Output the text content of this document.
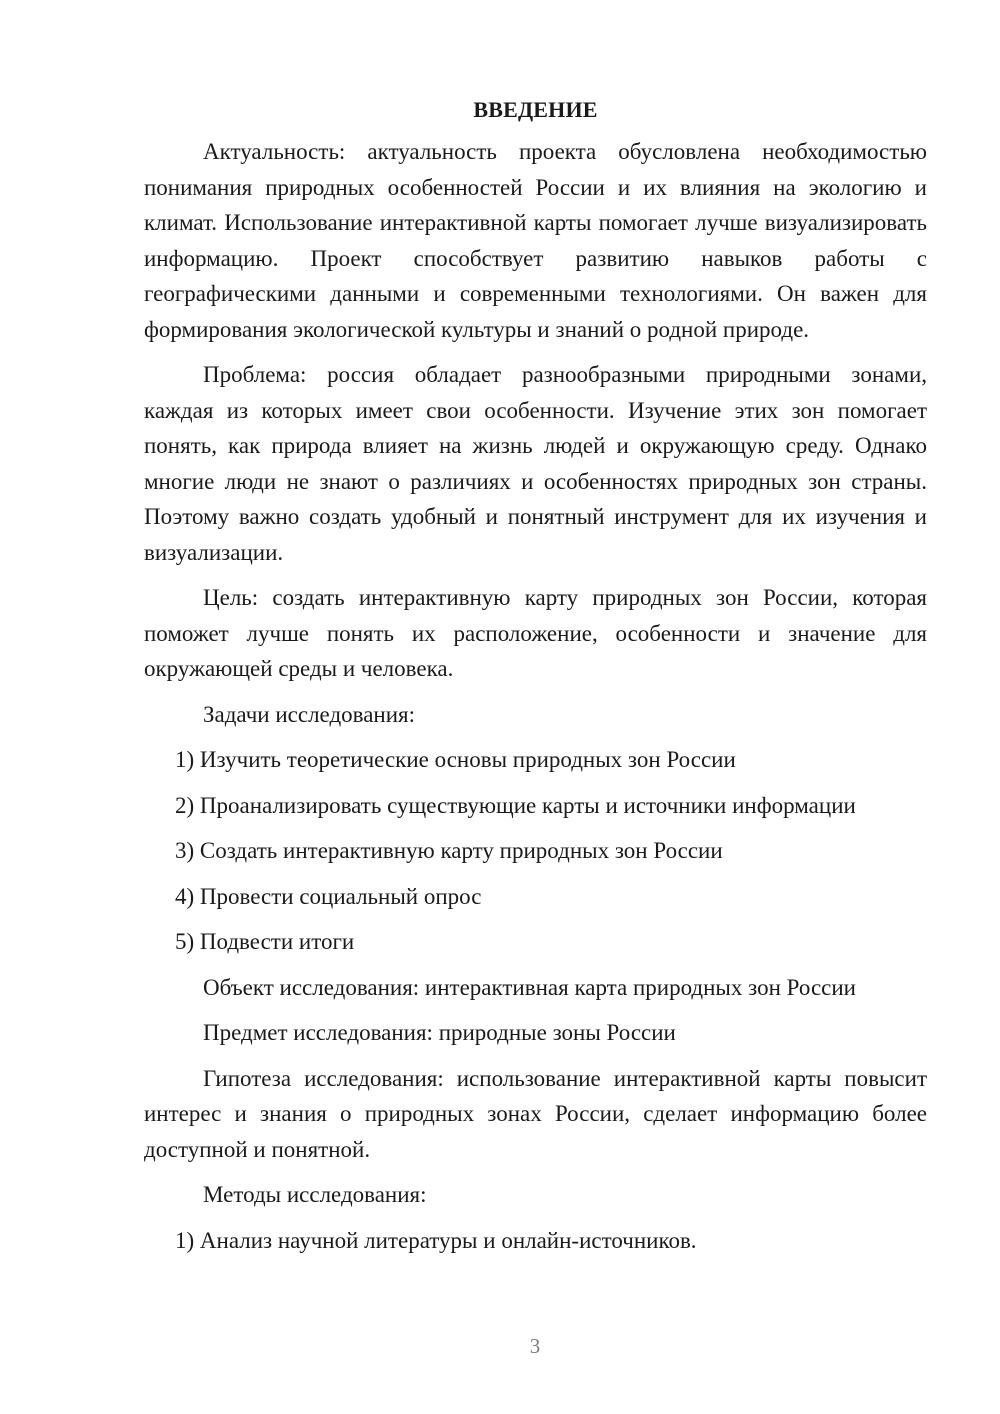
ВВЕДЕНИЕ
Актуальность: актуальность проекта обусловлена необходимостью понимания природных особенностей России и их влияния на экологию и климат. Использование интерактивной карты помогает лучше визуализировать информацию. Проект способствует развитию навыков работы с географическими данными и современными технологиями. Он важен для формирования экологической культуры и знаний о родной природе.
Проблема: россия обладает разнообразными природными зонами, каждая из которых имеет свои особенности. Изучение этих зон помогает понять, как природа влияет на жизнь людей и окружающую среду. Однако многие люди не знают о различиях и особенностях природных зон страны. Поэтому важно создать удобный и понятный инструмент для их изучения и визуализации.
Цель: создать интерактивную карту природных зон России, которая поможет лучше понять их расположение, особенности и значение для окружающей среды и человека.
Задачи исследования:
1) Изучить теоретические основы природных зон России
2) Проанализировать существующие карты и источники информации
3) Создать интерактивную карту природных зон России
4) Провести социальный опрос
5) Подвести итоги
Объект исследования: интерактивная карта природных зон России
Предмет исследования: природные зоны России
Гипотеза исследования: использование интерактивной карты повысит интерес и знания о природных зонах России, сделает информацию более доступной и понятной.
Методы исследования:
1) Анализ научной литературы и онлайн-источников.
3
